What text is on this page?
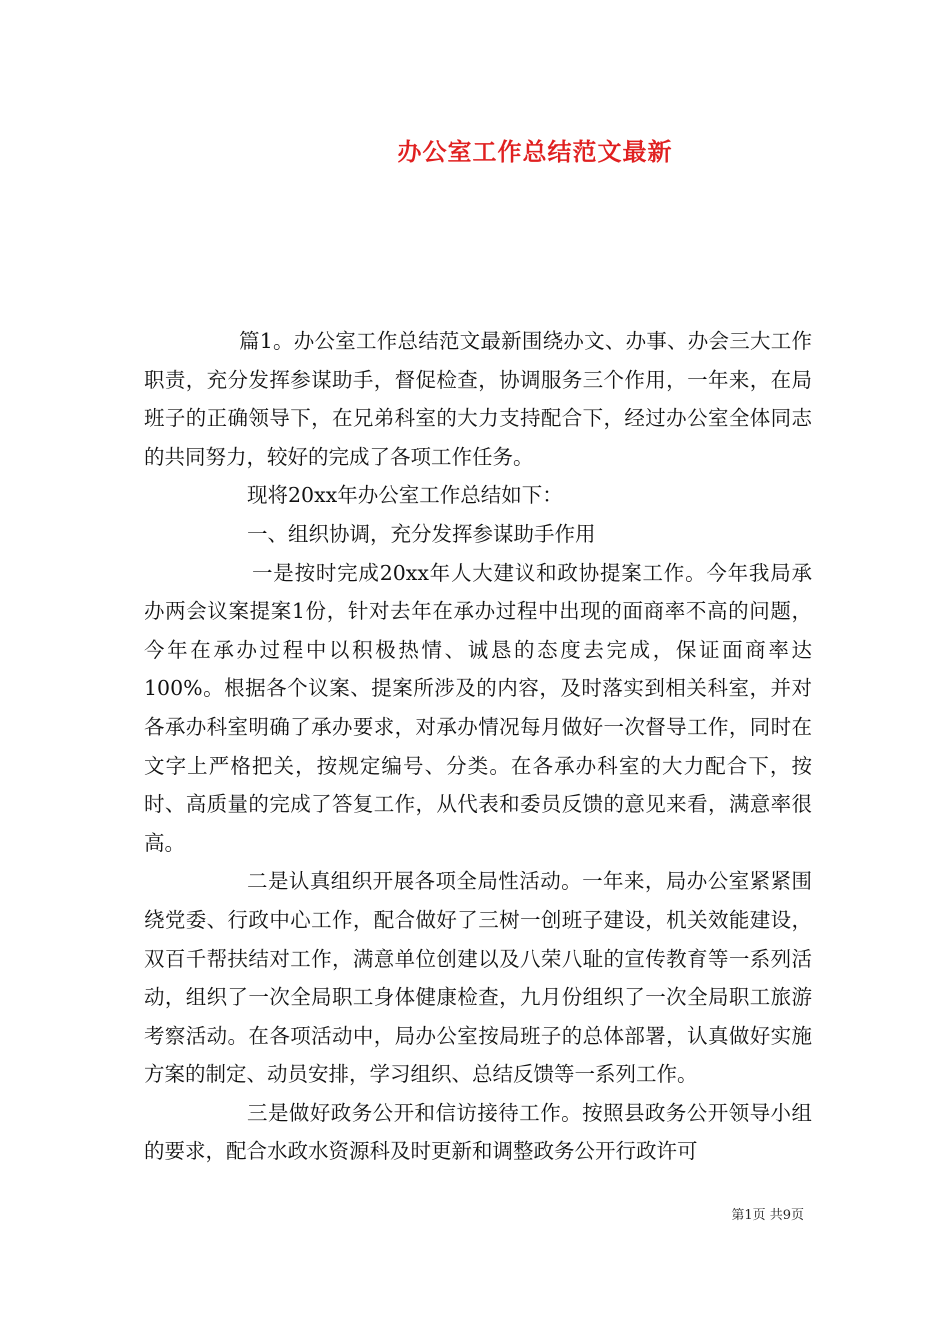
办公室工作总结范文最新

篇1。办公室工作总结范文最新围绕办文、办事、办会三大工作职责，充分发挥参谋助手，督促检查，协调服务三个作用，一年来，在局班子的正确领导下，在兄弟科室的大力支持配合下，经过办公室全体同志的共同努力，较好的完成了各项工作任务。

现将20xx年办公室工作总结如下：

一、组织协调，充分发挥参谋助手作用

一是按时完成20xx年人大建议和政协提案工作。今年我局承办两会议案提案1份，针对去年在承办过程中出现的面商率不高的问题，今年在承办过程中以积极热情、诚恳的态度去完成，保证面商率达100%。根据各个议案、提案所涉及的内容，及时落实到相关科室，并对各承办科室明确了承办要求，对承办情况每月做好一次督导工作，同时在文字上严格把关，按规定编号、分类。在各承办科室的大力配合下，按时、高质量的完成了答复工作，从代表和委员反馈的意见来看，满意率很高。

二是认真组织开展各项全局性活动。一年来，局办公室紧紧围绕党委、行政中心工作，配合做好了三树一创班子建设，机关效能建设，双百千帮扶结对工作，满意单位创建以及八荣八耻的宣传教育等一系列活动，组织了一次全局职工身体健康检查，九月份组织了一次全局职工旅游考察活动。在各项活动中，局办公室按局班子的总体部署，认真做好实施方案的制定、动员安排，学习组织、总结反馈等一系列工作。

三是做好政务公开和信访接待工作。按照县政务公开领导小组的要求，配合水政水资源科及时更新和调整政务公开行政许可

第1页 共9页
